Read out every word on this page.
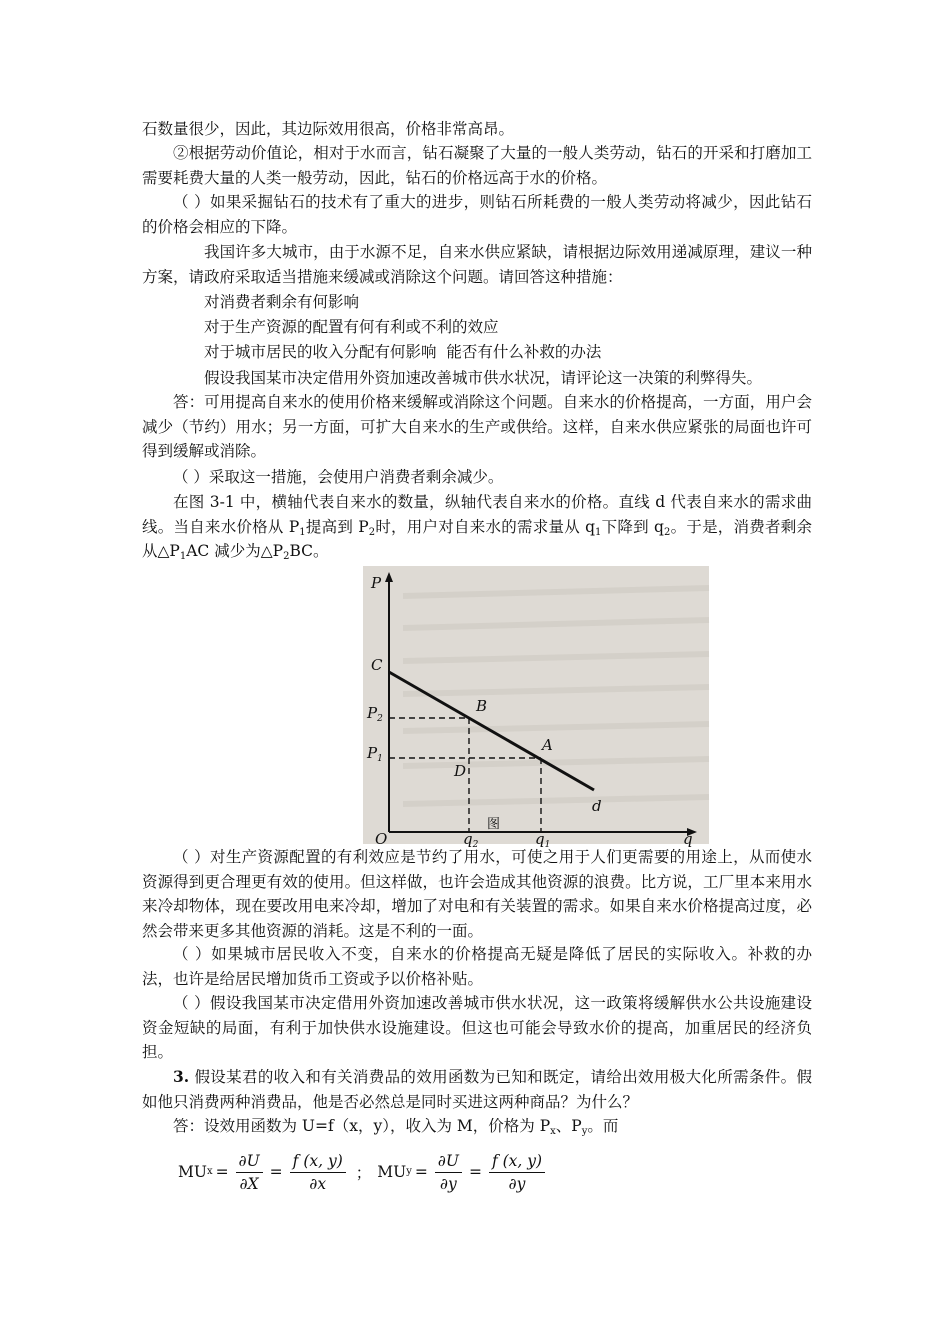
石数量很少，因此，其边际效用很高，价格非常高昂。

②根据劳动价值论，相对于水而言，钻石凝聚了大量的一般人类劳动，钻石的开采和打磨加工需要耗费大量的人类一般劳动，因此，钻石的价格远高于水的价格。

（ ）如果采掘钻石的技术有了重大的进步，则钻石所耗费的一般人类劳动将减少，因此钻石的价格会相应的下降。

我国许多大城市，由于水源不足，自来水供应紧缺，请根据边际效用递减原理，建议一种方案，请政府采取适当措施来缓减或消除这个问题。请回答这种措施：

对消费者剩余有何影响

对于生产资源的配置有何有利或不利的效应

对于城市居民的收入分配有何影响  能否有什么补救的办法

假设我国某市决定借用外资加速改善城市供水状况，请评论这一决策的利弊得失。

答：可用提高自来水的使用价格来缓解或消除这个问题。自来水的价格提高，一方面，用户会减少（节约）用水；另一方面，可扩大自来水的生产或供给。这样，自来水供应紧张的局面也许可得到缓解或消除。

（ ）采取这一措施，会使用户消费者剩余减少。

在图 3-1 中，横轴代表自来水的数量，纵轴代表自来水的价格。直线 d 代表自来水的需求曲线。当自来水价格从 $P_1$提高到 $P_2$时，用户对自来水的需求量从 $q_1$下降到 $q_2$。于是，消费者剩余从$\triangle P_1AC$ 减少为$\triangle P_2BC$。

P
C
$P_2$
$P_1$
B
A
D
d
O	$q_2$	$q_1$	q
图

（ ）对生产资源配置的有利效应是节约了用水，可使之用于人们更需要的用途上，从而使水资源得到更合理更有效的使用。但这样做，也许会造成其他资源的浪费。比方说，工厂里本来用水来冷却物体，现在要改用电来冷却，增加了对电和有关装置的需求。如果自来水价格提高过度，必然会带来更多其他资源的消耗。这是不利的一面。

（ ）如果城市居民收入不变，自来水的价格提高无疑是降低了居民的实际收入。补救的办法，也许是给居民增加货币工资或予以价格补贴。

（ ）假设我国某市决定借用外资加速改善城市供水状况，这一政策将缓解供水公共设施建设资金短缺的局面，有利于加快供水设施建设。但这也可能会导致水价的提高，加重居民的经济负担。

3. 假设某君的收入和有关消费品的效用函数为已知和既定，请给出效用极大化所需条件。假如他只消费两种消费品，他是否必然总是同时买进这两种商品？为什么？

答：设效用函数为 U=f（x，y），收入为 M，价格为 $P_x$、$P_y$。而

MU $x = \frac{\partial U}{\partial X} = \frac{f (x, y)}{\partial x}$ ； MU $y = \frac{\partial U}{\partial y} = \frac{f (x, y)}{\partial y}$
